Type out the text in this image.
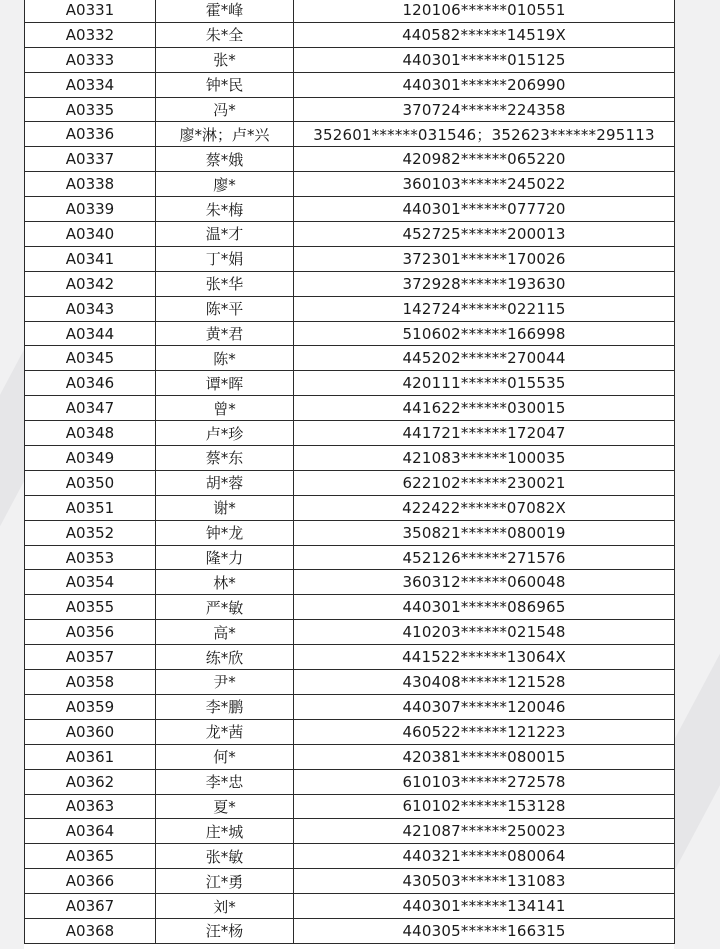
A0331	霍*峰	120106******010551
A0332	朱*全	440582******14519X
A0333	张*	440301******015125
A0334	钟*民	440301******206990
A0335	冯*	370724******224358
A0336	廖*淋；卢*兴	352601******031546；352623******295113
A0337	蔡*娥	420982******065220
A0338	廖*	360103******245022
A0339	朱*梅	440301******077720
A0340	温*才	452725******200013
A0341	丁*娟	372301******170026
A0342	张*华	372928******193630
A0343	陈*平	142724******022115
A0344	黄*君	510602******166998
A0345	陈*	445202******270044
A0346	谭*晖	420111******015535
A0347	曾*	441622******030015
A0348	卢*珍	441721******172047
A0349	蔡*东	421083******100035
A0350	胡*蓉	622102******230021
A0351	谢*	422422******07082X
A0352	钟*龙	350821******080019
A0353	隆*力	452126******271576
A0354	林*	360312******060048
A0355	严*敏	440301******086965
A0356	高*	410203******021548
A0357	练*欣	441522******13064X
A0358	尹*	430408******121528
A0359	李*鹏	440307******120046
A0360	龙*茜	460522******121223
A0361	何*	420381******080015
A0362	李*忠	610103******272578
A0363	夏*	610102******153128
A0364	庄*城	421087******250023
A0365	张*敏	440321******080064
A0366	江*勇	430503******131083
A0367	刘*	440301******134141
A0368	汪*杨	440305******166315
